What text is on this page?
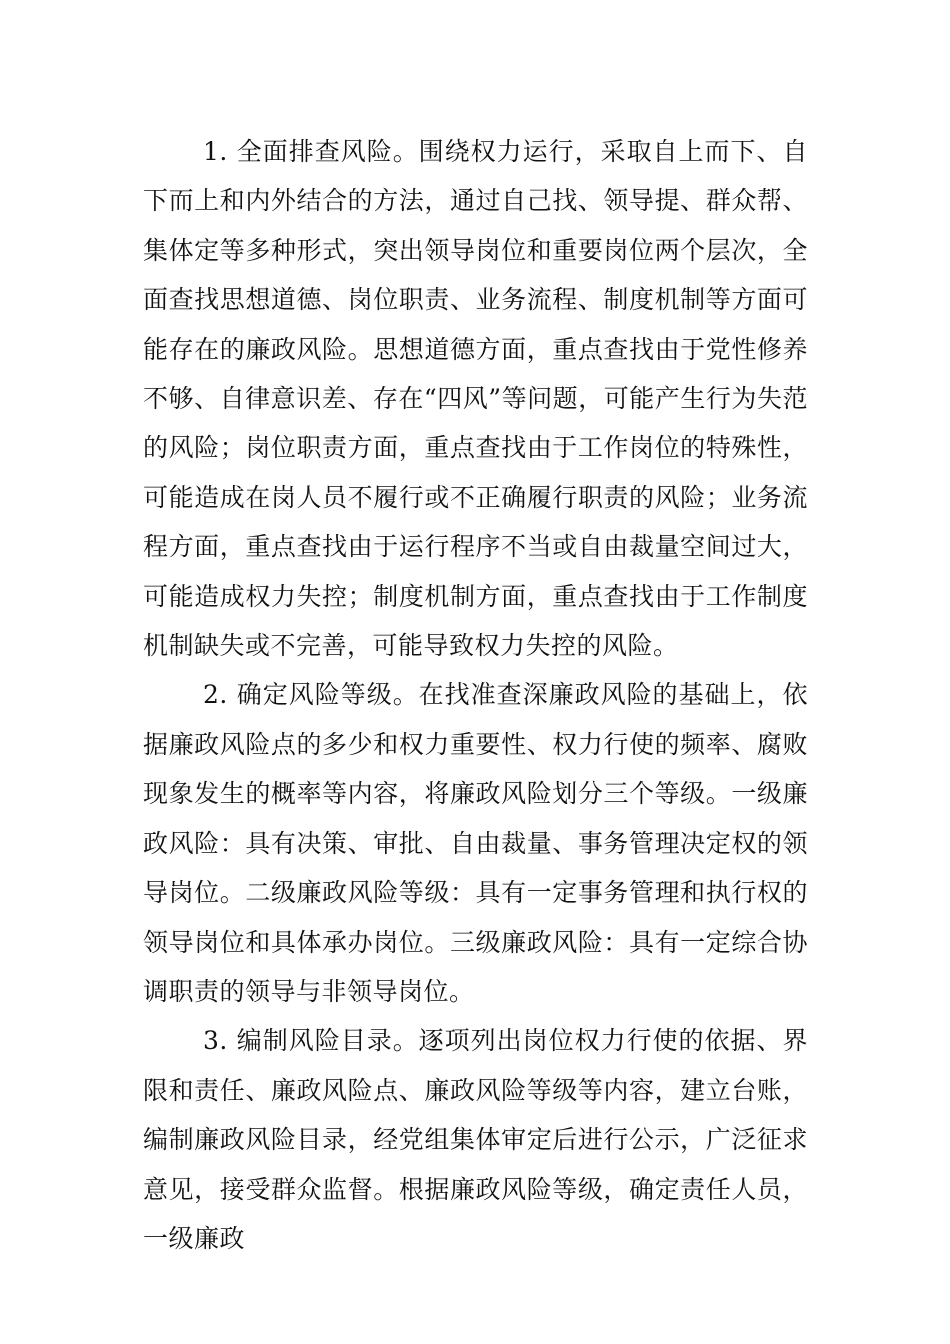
1. 全面排查风险。围绕权力运行，采取自上而下、自下而上和内外结合的方法，通过自己找、领导提、群众帮、集体定等多种形式，突出领导岗位和重要岗位两个层次，全面查找思想道德、岗位职责、业务流程、制度机制等方面可能存在的廉政风险。思想道德方面，重点查找由于党性修养不够、自律意识差、存在“四风”等问题，可能产生行为失范的风险；岗位职责方面，重点查找由于工作岗位的特殊性，可能造成在岗人员不履行或不正确履行职责的风险；业务流程方面，重点查找由于运行程序不当或自由裁量空间过大，可能造成权力失控；制度机制方面，重点查找由于工作制度机制缺失或不完善，可能导致权力失控的风险。

2. 确定风险等级。在找准查深廉政风险的基础上，依据廉政风险点的多少和权力重要性、权力行使的频率、腐败现象发生的概率等内容，将廉政风险划分三个等级。一级廉政风险：具有决策、审批、自由裁量、事务管理决定权的领导岗位。二级廉政风险等级：具有一定事务管理和执行权的领导岗位和具体承办岗位。三级廉政风险：具有一定综合协调职责的领导与非领导岗位。

3. 编制风险目录。逐项列出岗位权力行使的依据、界限和责任、廉政风险点、廉政风险等级等内容，建立台账，编制廉政风险目录，经党组集体审定后进行公示，广泛征求意见，接受群众监督。根据廉政风险等级，确定责任人员，一级廉政
